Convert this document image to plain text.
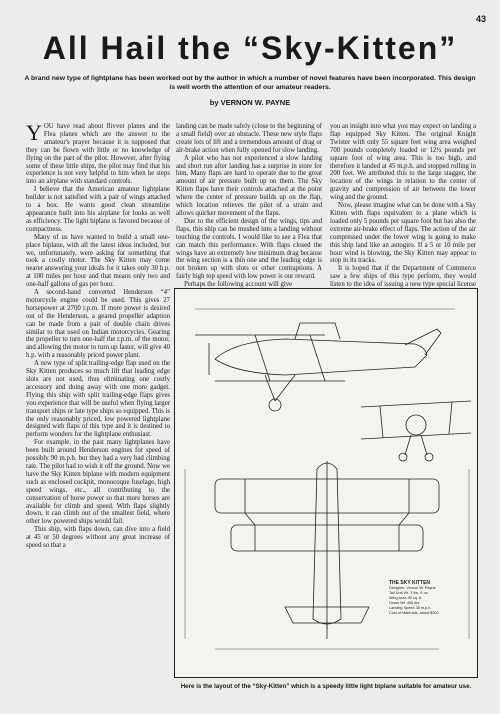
43
All Hail the “Sky-Kitten”
A brand new type of lightplane has been worked out by the author in which a number of novel features have been incorporated. This design is well worth the attention of our amateur readers.
by VERNON W. PAYNE

YOU have read about flivver planes and the Flea planes which are the answer to the amateur's prayer because it is supposed that they can be flown with little or no knowledge of flying on the part of the pilot. However, after flying some of these little ships, the pilot may find that his experience is not very helpful to him when he steps into an airplane with standard controls.

I believe that the American amateur lightplane builder is not satisfied with a pair of wings attached to a box. He wants good clean streamline appearance built into his airplane for looks as well as efficiency. The light biplane is favored because of compactness.

Many of us have wanted to build a small one-place biplane, with all the latest ideas included, but we, unfortunately, were asking for something that took a costly motor. The Sky Kitten may come nearer answering your ideals for it takes only 30 h.p. at 100 miles per hour and that means only two and one-half gallons of gas per hour.

A second-hand converted Henderson “4” motorcycle engine could be used. This gives 27 horsepower at 2700 r.p.m. If more power is desired out of the Henderson, a geared propeller adaption can be made from a pair of double chain drives similar to that used on Indian motorcycles. Gearing the propeller to turn one-half the r.p.m. of the motor, and allowing the motor to turn up faster, will give 40 h.p. with a reasonably priced power plant.

A new type of split trailing-edge flap used on the Sky Kitten produces so much lift that leading edge slots are not used, thus eliminating one costly accessory and doing away with one more gadget. Flying this ship with split trailing-edge flaps gives you experience that will be useful when flying larger transport ships or late type ships so equipped. This is the only reasonably priced, low powered lightplane designed with flaps of this type and it is destined to perform wonders for the lightplane enthusiast.

For example, in the past many lightplanes have been built around Henderson engines for speed of possibly 90 m.p.h. but they had a very bad climbing rate. The pilot had to wish it off the ground. Now we have the Sky Kitten biplane with modern equipment such as enclosed cockpit, monocoque fuselage, high speed wings, etc., all contributing to the conservation of horse power so that more horses are available for climb and speed. With flaps slightly down, it can climb out of the smallest field, where other low powered ships would fail.

This ship, with flaps down, can dive into a field at 45 or 50 degrees without any great increase of speed so that a

landing can be made safely (close to the beginning of a small field) over an obstacle. These new style flaps create lots of lift and a tremendous amount of drag or air-brake action when fully opened for slow landing.

A pilot who has not experienced a slow landing and short run after landing has a surprise in store for him. Many flaps are hard to operate due to the great amount of air pressure built up on them. The Sky Kitten flaps have their controls attached at the point where the center of pressure builds up on the flap, which location relieves the pilot of a strain and allows quicker movement of the flaps.

Due to the efficient design of the wings, tips and flaps, this ship can be mushed into a landing without touching the controls. I would like to see a Flea that can match this performance. With flaps closed the wings have an extremely low minimum drag because the wing section is a thin one and the leading edge is not broken up with slots or other contraptions. A fairly high top speed with low power is our reward.

Perhaps the following account will give

you an insight into what you may expect on landing a flap equipped Sky Kitten. The original Knight Twister with only 55 square feet wing area weighed 700 pounds completely loaded or 12½ pounds per square foot of wing area. This is too high, and therefore it landed at 45 m.p.h. and stopped rolling in 200 feet. We attributed this to the large stagger, the location of the wings in relation to the center of gravity and compression of air between the lower wing and the ground.

Now, please imagine what can be done with a Sky Kitten with flaps equivalent to a plane which is loaded only 5 pounds per square foot but has also the extreme air-brake effect of flaps. The action of the air compressed under the lower wing is going to make this ship land like an autogiro. If a 5 or 10 mile per hour wind is blowing, the Sky Kitten may appear to stop in its tracks.

It is hoped that if the Department of Commerce saw a few ships of this type perform, they would listen to the idea of issuing a new type special license

THE SKY KITTEN
Designer: Vernon W. Payne
Tail Unit Wt. 3 lbs. 6 oz.
Wing Area 95 sq. ft.
Gross Wt. 450 lbs.
Landing Speed 35 m.p.h.
Cost of Materials, about $300
Here is the layout of the “Sky-Kitten” which is a speedy little light biplane suitable for amateur use.
